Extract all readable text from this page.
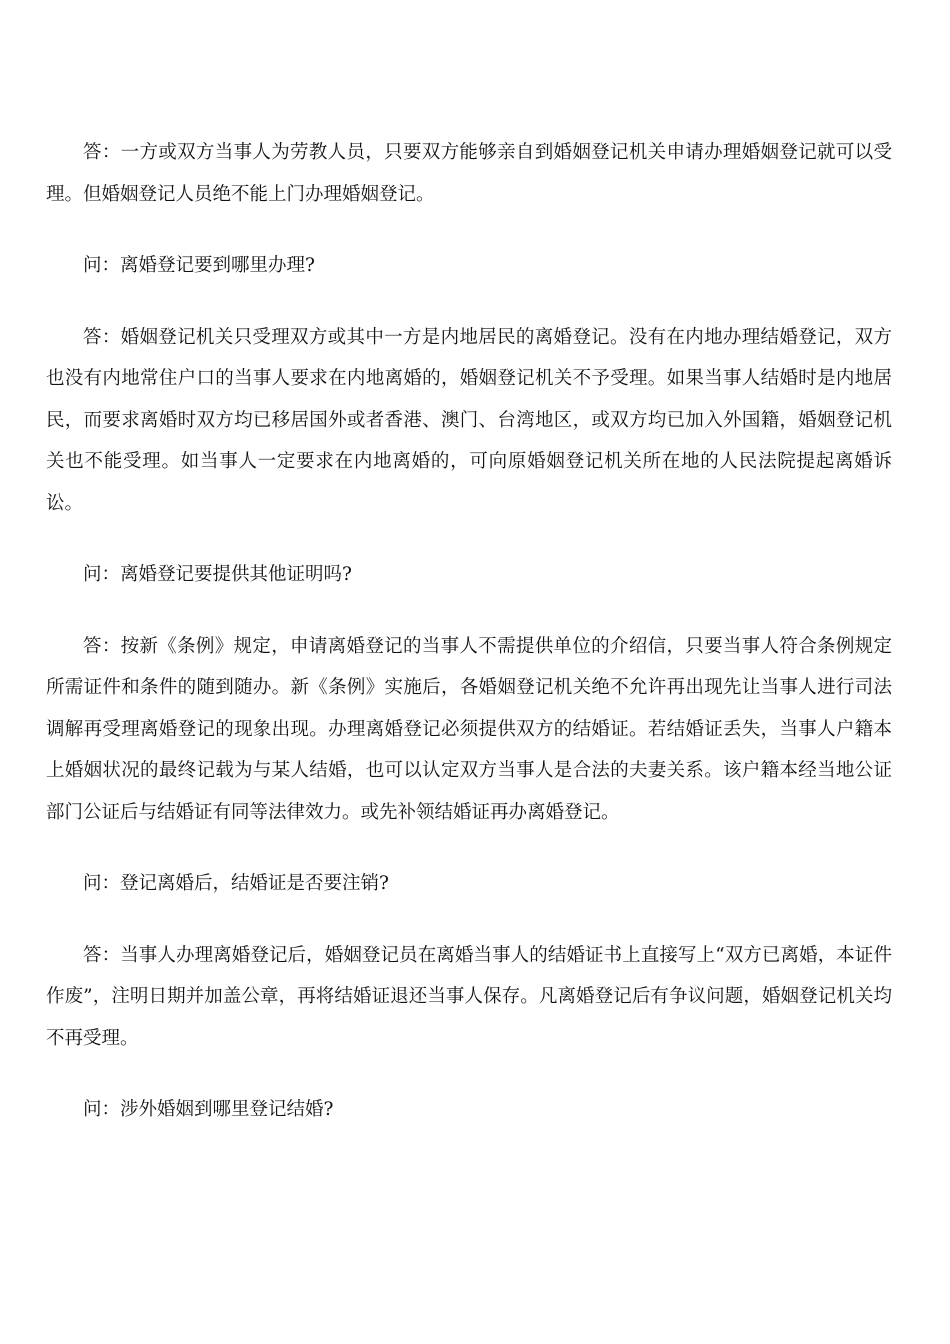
答：一方或双方当事人为劳教人员，只要双方能够亲自到婚姻登记机关申请办理婚姻登记就可以受理。但婚姻登记人员绝不能上门办理婚姻登记。

问：离婚登记要到哪里办理?

答：婚姻登记机关只受理双方或其中一方是内地居民的离婚登记。没有在内地办理结婚登记，双方也没有内地常住户口的当事人要求在内地离婚的，婚姻登记机关不予受理。如果当事人结婚时是内地居民，而要求离婚时双方均已移居国外或者香港、澳门、台湾地区，或双方均已加入外国籍，婚姻登记机关也不能受理。如当事人一定要求在内地离婚的，可向原婚姻登记机关所在地的人民法院提起离婚诉讼。

问：离婚登记要提供其他证明吗?

答：按新《条例》规定，申请离婚登记的当事人不需提供单位的介绍信，只要当事人符合条例规定所需证件和条件的随到随办。新《条例》实施后，各婚姻登记机关绝不允许再出现先让当事人进行司法调解再受理离婚登记的现象出现。办理离婚登记必须提供双方的结婚证。若结婚证丢失，当事人户籍本上婚姻状况的最终记载为与某人结婚，也可以认定双方当事人是合法的夫妻关系。该户籍本经当地公证部门公证后与结婚证有同等法律效力。或先补领结婚证再办离婚登记。

问：登记离婚后，结婚证是否要注销?

答：当事人办理离婚登记后，婚姻登记员在离婚当事人的结婚证书上直接写上“双方已离婚，本证件作废”，注明日期并加盖公章，再将结婚证退还当事人保存。凡离婚登记后有争议问题，婚姻登记机关均不再受理。

问：涉外婚姻到哪里登记结婚?
